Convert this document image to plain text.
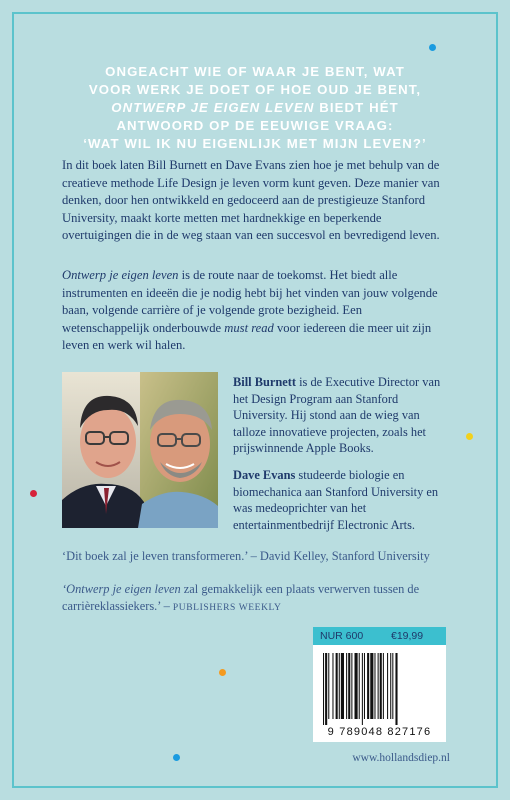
ONGEACHT WIE OF WAAR JE BENT, WAT
VOOR WERK JE DOET OF HOE OUD JE BENT,
ONTWERP JE EIGEN LEVEN BIEDT HÉT
ANTWOORD OP DE EEUWIGE VRAAG:
‘WAT WIL IK NU EIGENLIJK MET MIJN LEVEN?’

In dit boek laten Bill Burnett en Dave Evans zien hoe je met behulp van de creatieve methode Life Design je leven vorm kunt geven. Deze manier van denken, door hen ontwikkeld en gedoceerd aan de prestigieuze Stanford University, maakt korte metten met hardnekkige en beperkende overtuigingen die in de weg staan van een succesvol en bevredigend leven.

Ontwerp je eigen leven is de route naar de toekomst. Het biedt alle instrumenten en ideeën die je nodig hebt bij het vinden van jouw volgende baan, volgende carrière of je volgende grote bezigheid. Een wetenschappelijk onderbouwde must read voor iedereen die meer uit zijn leven en werk wil halen.

Bill Burnett is de Executive Director van het Design Program aan Stanford University. Hij stond aan de wieg van talloze innovatieve projecten, zoals het prijswinnende Apple Books.

Dave Evans studeerde biologie en biomechanica aan Stanford University en was medeoprichter van het entertainmentbedrijf Electronic Arts.

‘Dit boek zal je leven transformeren.’ – David Kelley, Stanford University

‘Ontwerp je eigen leven zal gemakkelijk een plaats verwerven tussen de carrièreklassiekers.’ – PUBLISHERS WEEKLY

NUR 600	€19,99
9 789048 827176
www.hollandsdiep.nl
